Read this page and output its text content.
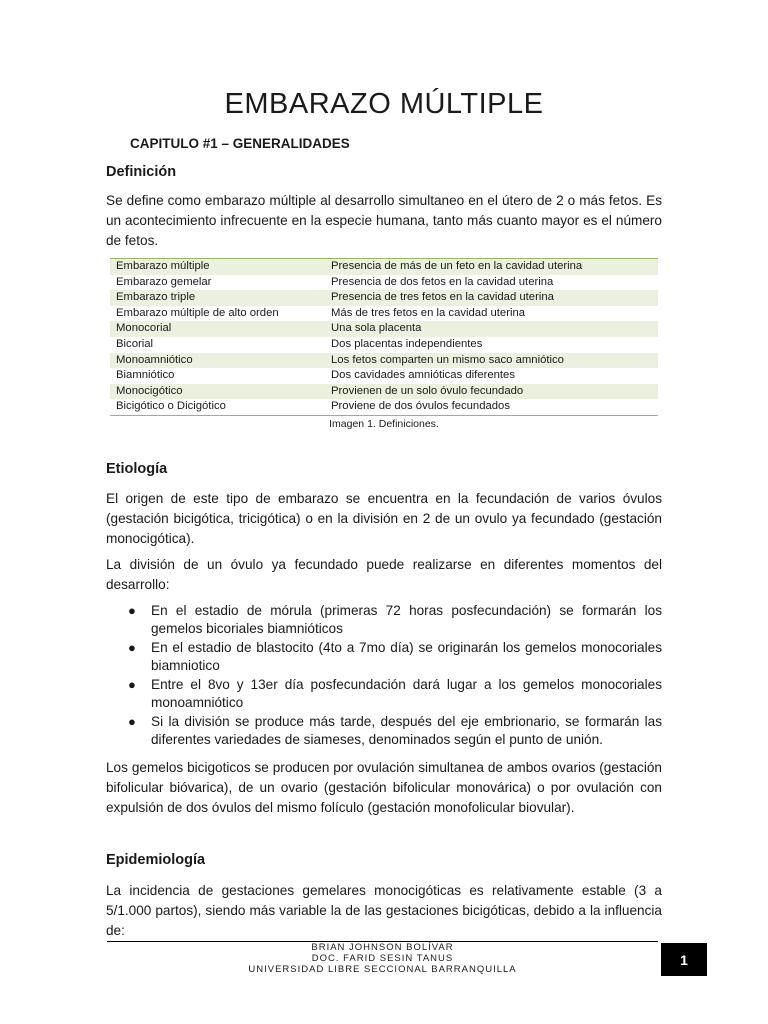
EMBARAZO MÚLTIPLE
CAPITULO #1 – GENERALIDADES
Definición

Se define como embarazo múltiple al desarrollo simultaneo en el útero de 2 o más fetos. Es un acontecimiento infrecuente en la especie humana, tanto más cuanto mayor es el número de fetos.

Embarazo múltiple	Presencia de más de un feto en la cavidad uterina
Embarazo gemelar	Presencia de dos fetos en la cavidad uterina
Embarazo triple	Presencia de tres fetos en la cavidad uterina
Embarazo múltiple de alto orden	Más de tres fetos en la cavidad uterina
Monocorial	Una sola placenta
Bicorial	Dos placentas independientes
Monoamniótico	Los fetos comparten un mismo saco amniótico
Biamniótico	Dos cavidades amnióticas diferentes
Monocigótico	Provienen de un solo óvulo fecundado
Bicigótico o Dicigótico	Proviene de dos óvulos fecundados
Imagen 1. Definiciones.
Etiología

El origen de este tipo de embarazo se encuentra en la fecundación de varios óvulos (gestación bicigótica, tricigótica) o en la división en 2 de un ovulo ya fecundado (gestación monocigótica).

La división de un óvulo ya fecundado puede realizarse en diferentes momentos del desarrollo:

● En el estadio de mórula (primeras 72 horas posfecundación) se formarán los gemelos bicoriales biamnióticos
● En el estadio de blastocito (4to a 7mo día) se originarán los gemelos monocoriales biamniotico
● Entre el 8vo y 13er día posfecundación dará lugar a los gemelos monocoriales monoamniótico
● Si la división se produce más tarde, después del eje embrionario, se formarán las diferentes variedades de siameses, denominados según el punto de unión.

Los gemelos bicigoticos se producen por ovulación simultanea de ambos ovarios (gestación bifolicular bióvarica), de un ovario (gestación bifolicular monovárica) o por ovulación con expulsión de dos óvulos del mismo folículo (gestación monofolicular biovular).

Epidemiología

La incidencia de gestaciones gemelares monocigóticas es relativamente estable (3 a 5/1.000 partos), siendo más variable la de las gestaciones bicigóticas, debido a la influencia de:

BRIAN JOHNSON BOLÍVAR
DOC. FARID SESIN TANUS
UNIVERSIDAD LIBRE SECCIONAL BARRANQUILLA
1
